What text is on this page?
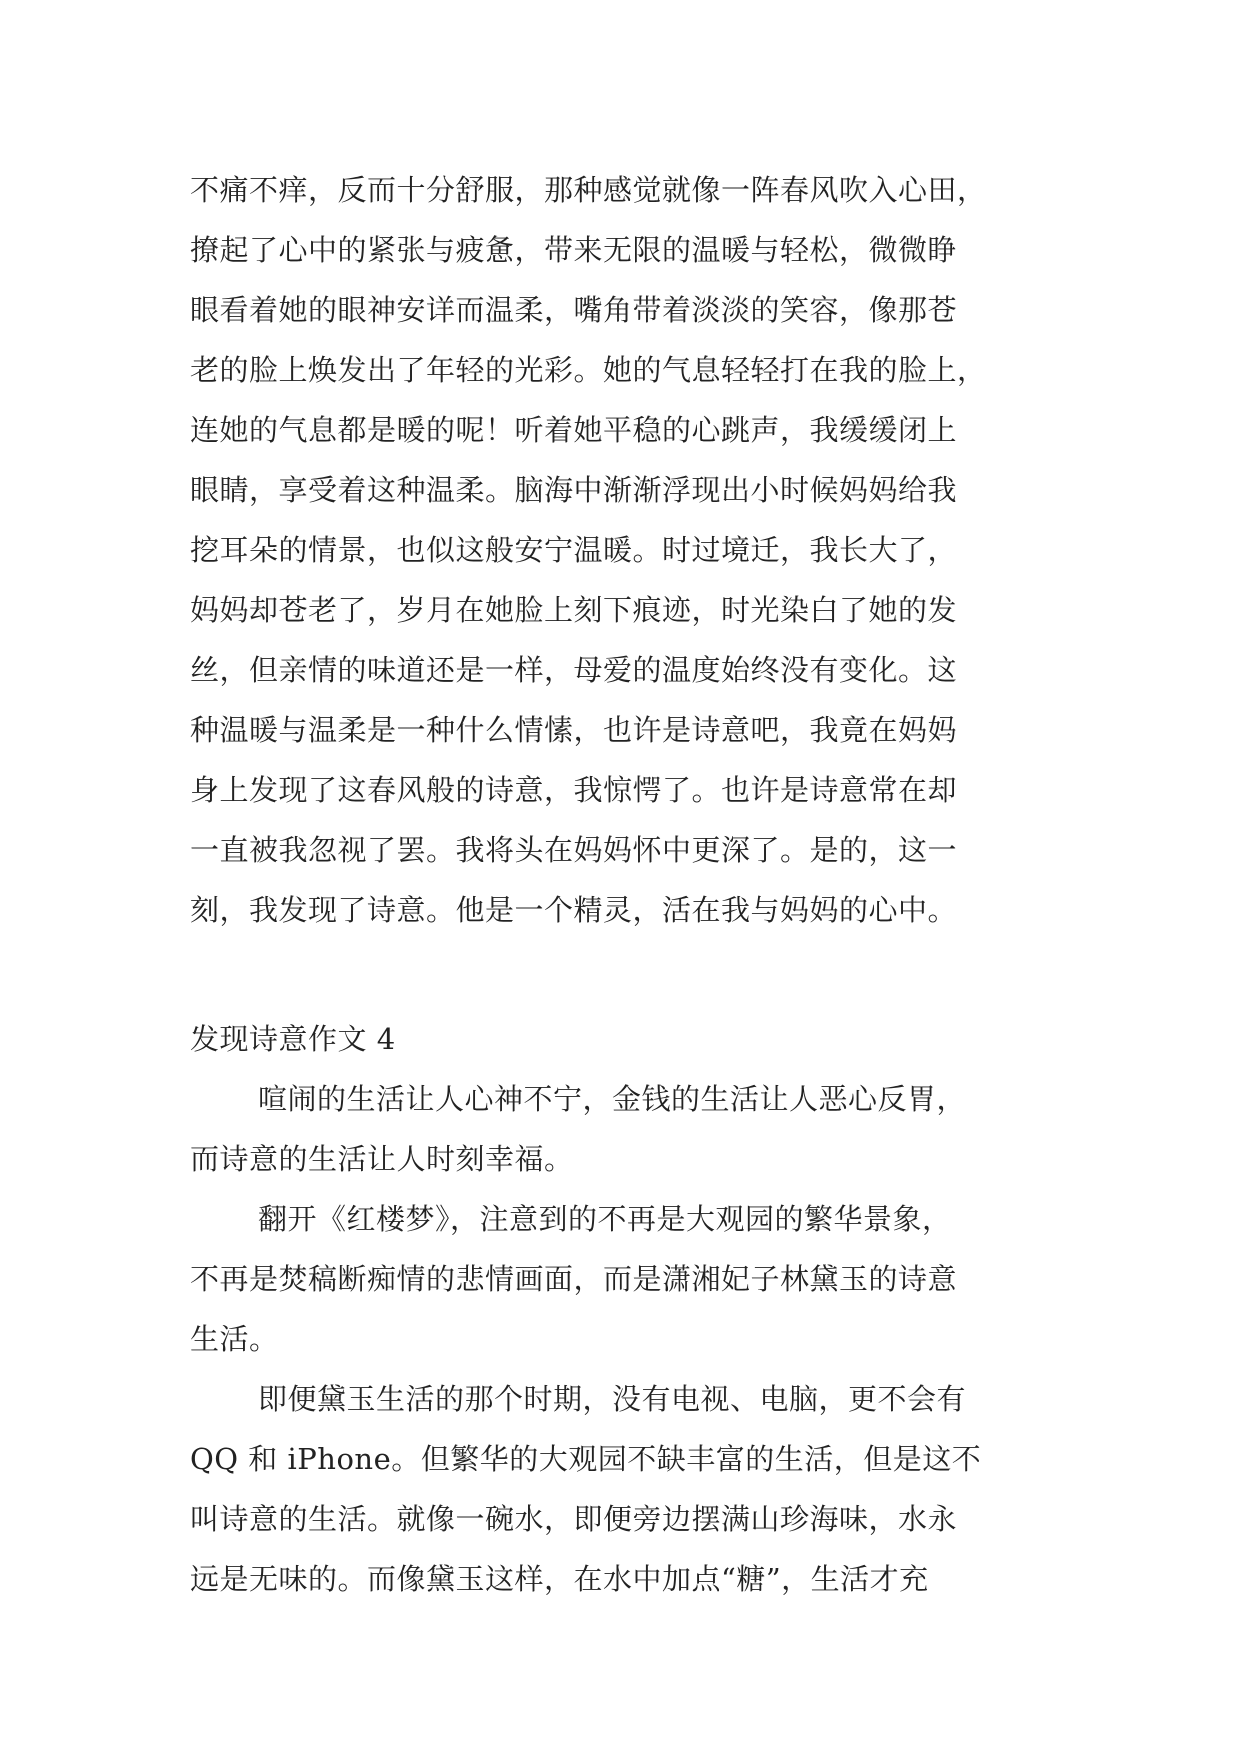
不痛不痒，反而十分舒服，那种感觉就像一阵春风吹入心田，
撩起了心中的紧张与疲惫，带来无限的温暖与轻松，微微睁
眼看着她的眼神安详而温柔，嘴角带着淡淡的笑容，像那苍
老的脸上焕发出了年轻的光彩。她的气息轻轻打在我的脸上，
连她的气息都是暖的呢！听着她平稳的心跳声，我缓缓闭上
眼睛，享受着这种温柔。脑海中渐渐浮现出小时候妈妈给我
挖耳朵的情景，也似这般安宁温暖。时过境迁，我长大了，
妈妈却苍老了，岁月在她脸上刻下痕迹，时光染白了她的发
丝，但亲情的味道还是一样，母爱的温度始终没有变化。这
种温暖与温柔是一种什么情愫，也许是诗意吧，我竟在妈妈
身上发现了这春风般的诗意，我惊愕了。也许是诗意常在却
一直被我忽视了罢。我将头在妈妈怀中更深了。是的，这一
刻，我发现了诗意。他是一个精灵，活在我与妈妈的心中。
发现诗意作文 4
喧闹的生活让人心神不宁，金钱的生活让人恶心反胃，
而诗意的生活让人时刻幸福。
翻开《红楼梦》，注意到的不再是大观园的繁华景象，
不再是焚稿断痴情的悲情画面，而是潇湘妃子林黛玉的诗意
生活。
即便黛玉生活的那个时期，没有电视、电脑，更不会有
QQ 和 iPhone。但繁华的大观园不缺丰富的生活，但是这不
叫诗意的生活。就像一碗水，即便旁边摆满山珍海味，水永
远是无味的。而像黛玉这样，在水中加点“糖”，生活才充
